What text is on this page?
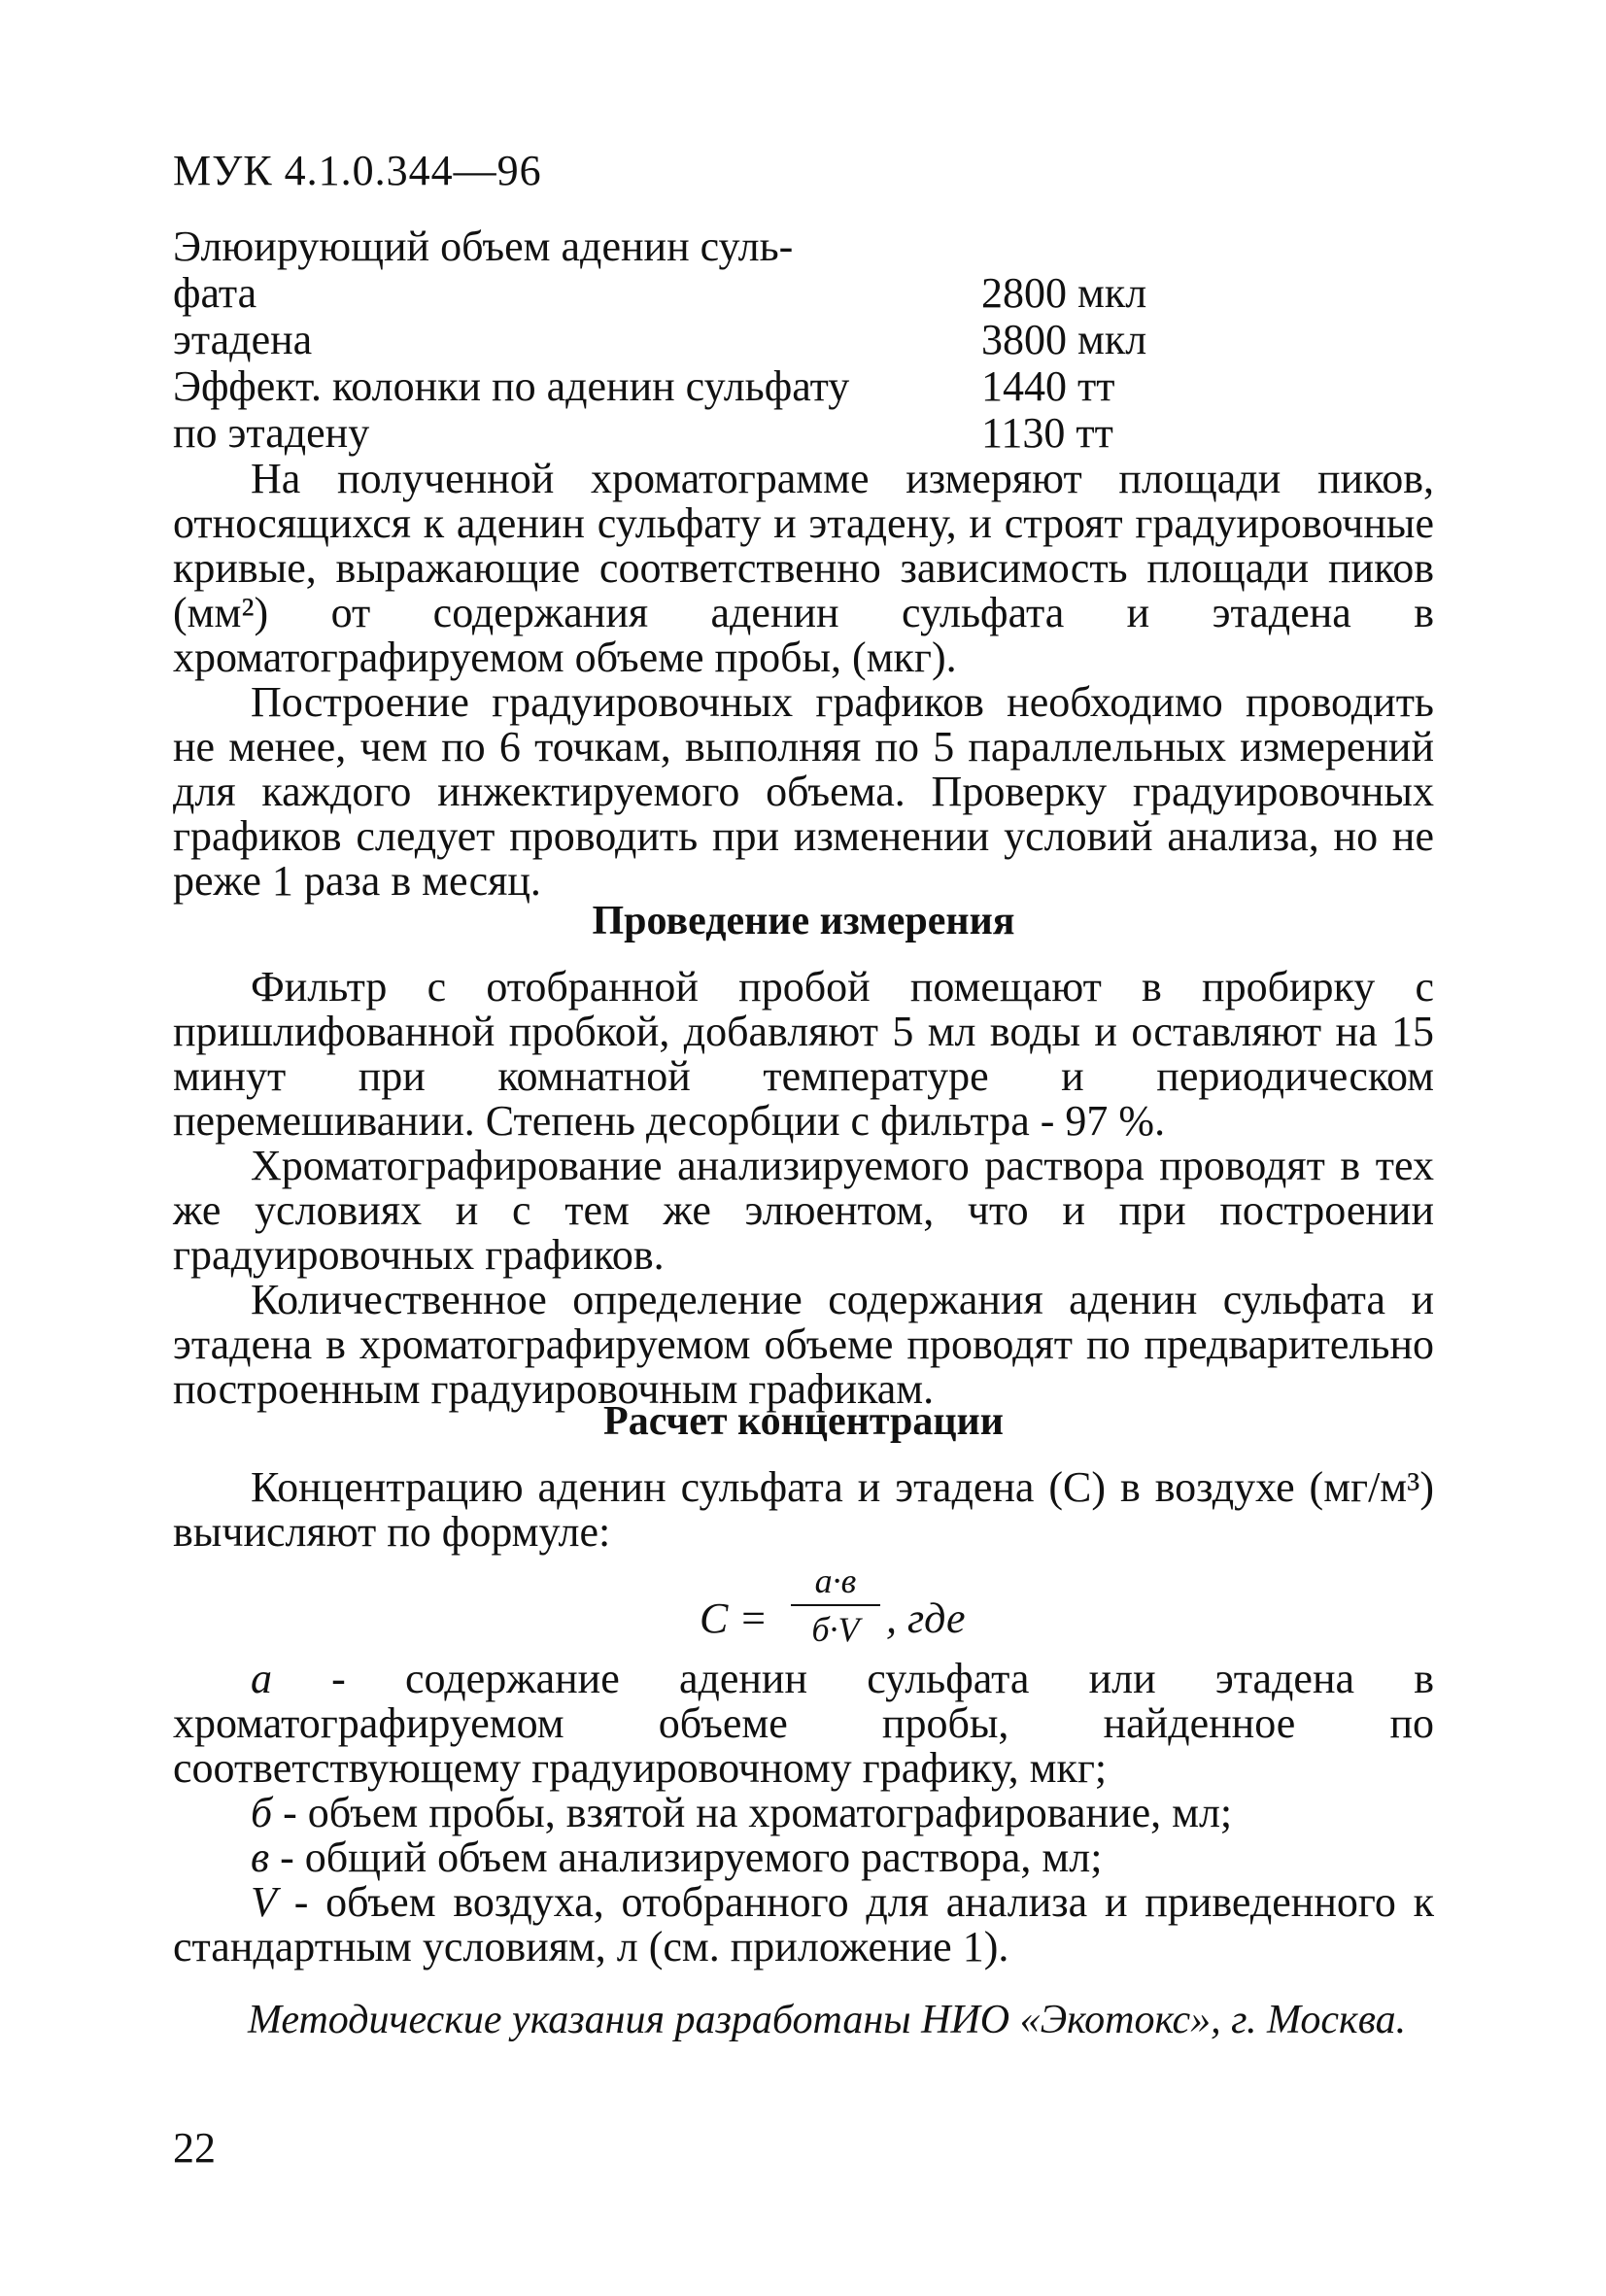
МУК 4.1.0.344—96
Элюирующий объем аденин суль-
фата	2800 мкл
этадена	3800 мкл
Эффект. колонки по аденин сульфату	1440 тт
по этадену	1130 тт

На полученной хроматограмме измеряют площади пиков, относящихся к аденин сульфату и этадену, и строят градуировочные кривые, выражающие соответственно зависимость площади пиков (мм²) от содержания аденин сульфата и этадена в хроматографируемом объеме пробы, (мкг).

Построение градуировочных графиков необходимо проводить не менее, чем по 6 точкам, выполняя по 5 параллельных измерений для каждого инжектируемого объема. Проверку градуировочных графиков следует проводить при изменении условий анализа, но не реже 1 раза в месяц.

Проведение измерения

Фильтр с отобранной пробой помещают в пробирку с пришлифованной пробкой, добавляют 5 мл воды и оставляют на 15 минут при комнатной температуре и периодическом перемешивании. Степень десорбции с фильтра - 97 %.

Хроматографирование анализируемого раствора проводят в тех же условиях и с тем же элюентом, что и при построении градуировочных графиков.

Количественное определение содержания аденин сульфата и этадена в хроматографируемом объеме проводят по предварительно построенным градуировочным графикам.

Расчет концентрации

Концентрацию аденин сульфата и этадена (С) в воздухе (мг/м³) вычисляют по формуле:

С =
а·в
б·V , где

а - содержание аденин сульфата или этадена в хроматографируемом объеме пробы, найденное по соответствующему градуировочному графику, мкг;

б - объем пробы, взятой на хроматографирование, мл;

в - общий объем анализируемого раствора, мл;

V - объем воздуха, отобранного для анализа и приведенного к стандартным условиям, л (см. приложение 1).

Методические указания разработаны НИО «Экотокс», г. Москва.
22
